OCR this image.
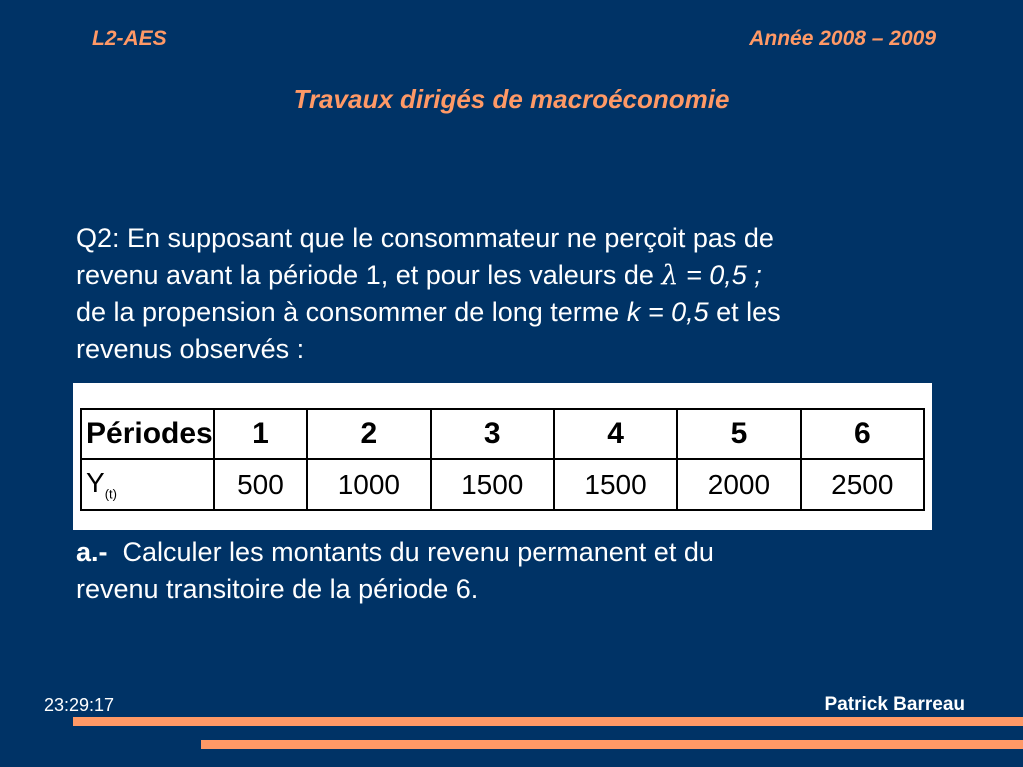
L2-AES	Année 2008 – 2009
Travaux dirigés de macroéconomie
Q2: En supposant que le consommateur ne perçoit pas de
revenu avant la période 1, et pour les valeurs de λ = 0,5 ;
de la propension à consommer de long terme k = 0,5 et les
revenus observés :
Périodes	1	2	3	4	5	6
$Y_{(t)}$	500	1000	1500	1500	2000	2500
a.-  Calculer les montants du revenu permanent et du
revenu transitoire de la période 6.
23:29:17	Patrick Barreau
